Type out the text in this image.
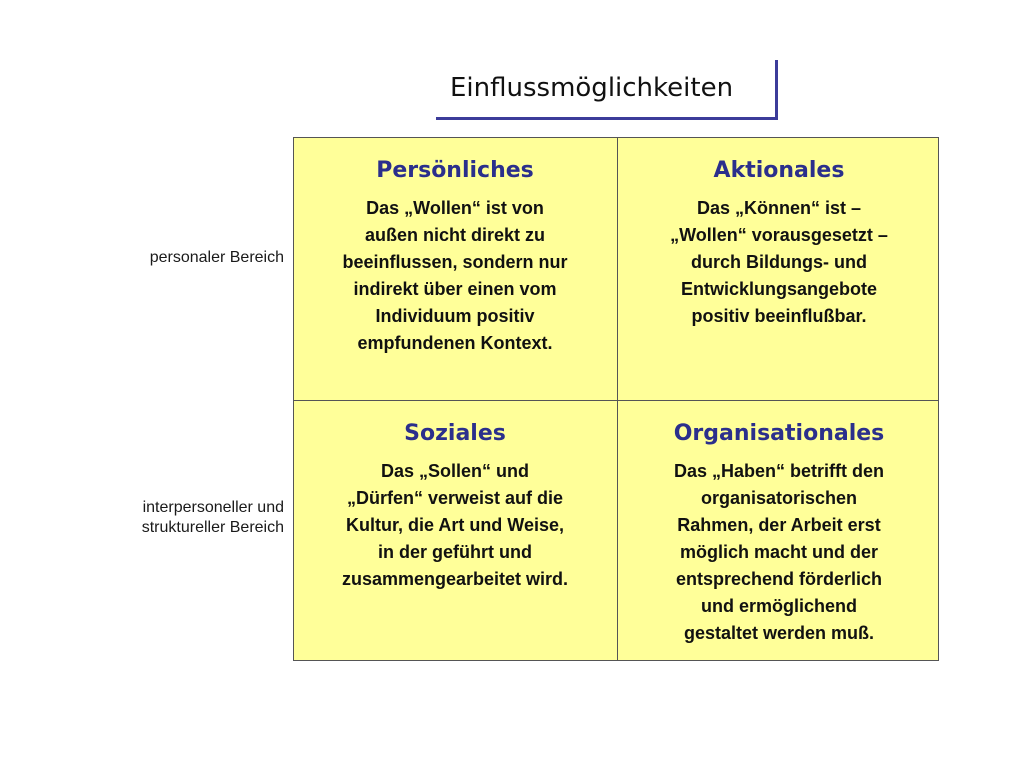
Einflussmöglichkeiten
personaler Bereich
interpersoneller und
struktureller Bereich
Persönliches
Das „Wollen“ ist von
außen nicht direkt zu
beeinflussen, sondern nur
indirekt über einen vom
Individuum positiv
empfundenen Kontext.
Aktionales
Das „Können“ ist –
„Wollen“ vorausgesetzt –
durch Bildungs- und
Entwicklungsangebote
positiv beeinflußbar.
Soziales
Das „Sollen“ und
„Dürfen“ verweist auf die
Kultur, die Art und Weise,
in der geführt und
zusammengearbeitet wird.
Organisationales
Das „Haben“ betrifft den
organisatorischen
Rahmen, der Arbeit erst
möglich macht und der
entsprechend förderlich
und ermöglichend
gestaltet werden muß.
